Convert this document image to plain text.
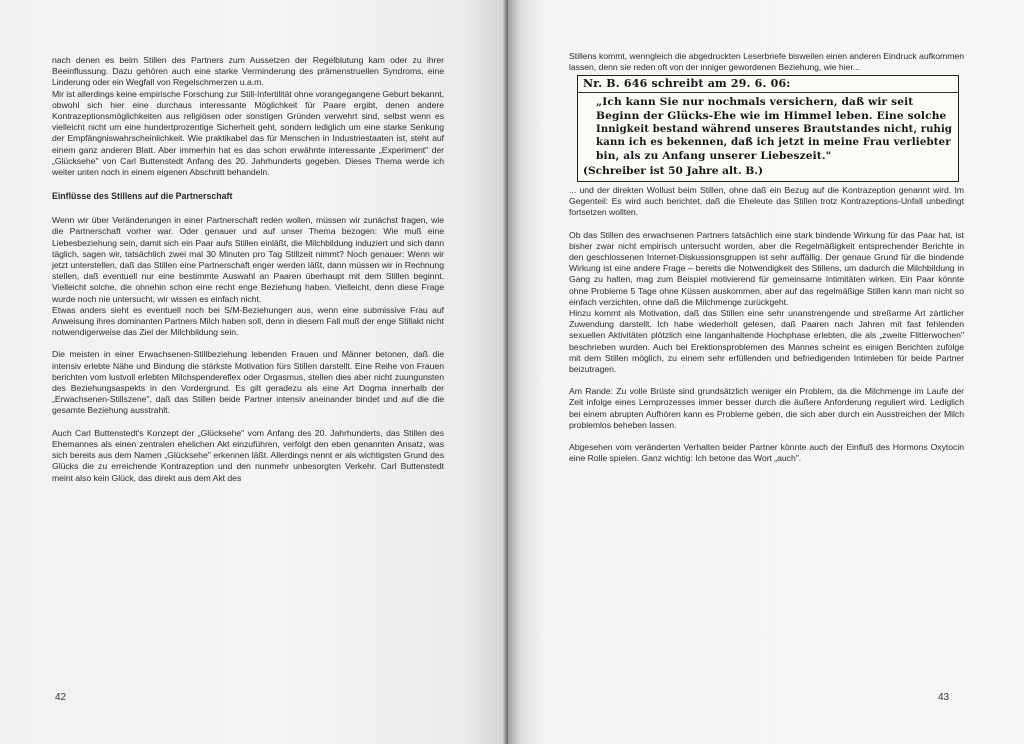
nach denen es beim Stillen des Partners zum Aussetzen der Regelblutung kam oder zu ihrer Beeinflussung. Dazu gehören auch eine starke Verminderung des prämenstruellen Syndroms, eine Linderung oder ein Wegfall von Regelschmerzen u.a.m.

Mir ist allerdings keine empirische Forschung zur Still-Infertilität ohne vorangegangene Geburt bekannt, obwohl sich hier eine durchaus interessante Möglichkeit für Paare ergibt, denen andere Kontrazeptionsmöglichkeiten aus religiösen oder sonstigen Gründen verwehrt sind, selbst wenn es vielleicht nicht um eine hundertprozentige Sicherheit geht, sondern lediglich um eine starke Senkung der Empfängniswahrscheinlichkeit. Wie praktikabel das für Menschen in Industriestaaten ist, steht auf einem ganz anderen Blatt. Aber immerhin hat es das schon erwähnte interessante „Experiment" der „Glücksehe" von Carl Buttenstedt Anfang des 20. Jahrhunderts gegeben. Dieses Thema werde ich weiter unten noch in einem eigenen Abschnitt behandeln.

Einflüsse des Stillens auf die Partnerschaft

Wenn wir über Veränderungen in einer Partnerschaft reden wollen, müssen wir zunächst fragen, wie die Partnerschaft vorher war. Oder genauer und auf unser Thema bezogen: Wie muß eine Liebesbeziehung sein, damit sich ein Paar aufs Stillen einläßt, die Milchbildung induziert und sich dann täglich, sagen wir, tatsächlich zwei mal 30 Minuten pro Tag Stillzeit nimmt? Noch genauer: Wenn wir jetzt unterstellen, daß das Stillen eine Partnerschaft enger werden läßt, dann müssen wir in Rechnung stellen, daß eventuell nur eine bestimmte Auswahl an Paaren überhaupt mit dem Stillen beginnt. Vielleicht solche, die ohnehin schon eine recht enge Beziehung haben. Vielleicht, denn diese Frage wurde noch nie untersucht, wir wissen es einfach nicht.

Etwas anders sieht es eventuell noch bei S/M-Beziehungen aus, wenn eine submissive Frau auf Anweisung ihres dominanten Partners Milch haben soll, denn in diesem Fall muß der enge Stillakt nicht notwendigerweise das Ziel der Milchbildung sein.

Die meisten in einer Erwachsenen-Stillbeziehung lebenden Frauen und Männer betonen, daß die intensiv erlebte Nähe und Bindung die stärkste Motivation fürs Stillen darstellt. Eine Reihe von Frauen berichten vom lustvoll erlebten Milchspendereflex oder Orgasmus, stellen dies aber nicht zuungunsten des Beziehungsaspekts in den Vordergrund. Es gilt geradezu als eine Art Dogma innerhalb der „Erwachsenen-Stillszene", daß das Stillen beide Partner intensiv aneinander bindet und auf die die gesamte Beziehung ausstrahlt.

Auch Carl Buttenstedt's Konzept der „Glücksehe" vom Anfang des 20. Jahrhunderts, das Stillen des Ehemannes als einen zentralen ehelichen Akt einzuführen, verfolgt den eben genannten Ansatz, was sich bereits aus dem Namen „Glücksehe" erkennen läßt. Allerdings nennt er als wichtigsten Grund des Glücks die zu erreichende Kontrazeption und den nunmehr unbesorgten Verkehr. Carl Buttenstedt meint also kein Glück, das direkt aus dem Akt des

42

Stillens kommt, wenngleich die abgedruckten Leserbriefe bisweilen einen anderen Eindruck aufkommen lassen, denn sie reden oft von der inniger gewordenen Beziehung, wie hier...

Nr. B. 646 schreibt am 29. 6. 06:
„Ich kann Sie nur nochmals versichern, daß wir seit
Beginn der Glücks-Ehe wie im Himmel leben. Eine solche
Innigkeit bestand während unseres Brautstandes nicht, ruhig
kann ich es bekennen, daß ich jetzt in meine Frau verliebter
bin, als zu Anfang unserer Liebeszeit."
(Schreiber ist 50 Jahre alt. B.)

... und der direkten Wollust beim Stillen, ohne daß ein Bezug auf die Kontrazeption genannt wird. Im Gegenteil: Es wird auch berichtet, daß die Eheleute das Stillen trotz Kontrazeptions-Unfall unbedingt fortsetzen wollten.

Ob das Stillen des erwachsenen Partners tatsächlich eine stark bindende Wirkung für das Paar hat, ist bisher zwar nicht empirisch untersucht worden, aber die Regelmäßigkeit entsprechender Berichte in den geschlossenen Internet-Diskussionsgruppen ist sehr auffällig. Der genaue Grund für die bindende Wirkung ist eine andere Frage – bereits die Notwendigkeit des Stillens, um dadurch die Milchbildung in Gang zu halten, mag zum Beispiel motivierend für gemeinsame Intimitäten wirken. Ein Paar könnte ohne Probleme 5 Tage ohne Küssen auskommen, aber auf das regelmäßige Stillen kann man nicht so einfach verzichten, ohne daß die Milchmenge zurückgeht.

Hinzu kommt als Motivation, daß das Stillen eine sehr unanstrengende und streßarme Art zärtlicher Zuwendung darstellt. Ich habe wiederholt gelesen, daß Paaren nach Jahren mit fast fehlenden sexuellen Aktivitäten plötzlich eine langanhaltende Hochphase erlebten, die als „zweite Flitterwochen" beschrieben wurden. Auch bei Erektionsproblemen des Mannes scheint es einigen Berichten zufolge mit dem Stillen möglich, zu einem sehr erfüllenden und befriedigenden Intimleben für beide Partner beizutragen.

Am Rande: Zu volle Brüste sind grundsätzlich weniger ein Problem, da die Milchmenge im Laufe der Zeit infolge eines Lernprozesses immer besser durch die äußere Anforderung reguliert wird. Lediglich bei einem abrupten Aufhören kann es Probleme geben, die sich aber durch ein Ausstreichen der Milch problemlos beheben lassen.

Abgesehen vom veränderten Verhalten beider Partner könnte auch der Einfluß des Hormons Oxytocin eine Rolle spielen. Ganz wichtig: Ich betone das Wort „auch".

43
